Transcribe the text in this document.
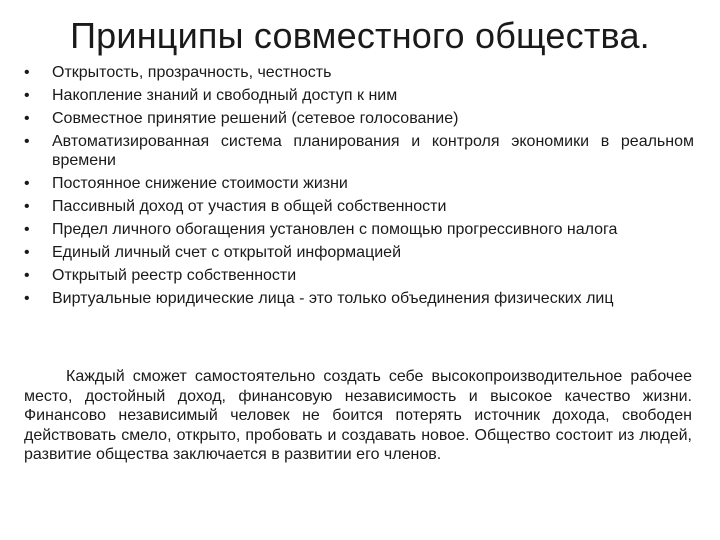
Принципы совместного общества.
•	Открытость, прозрачность, честность
•	Накопление знаний и свободный доступ к ним
•	Совместное принятие решений (сетевое голосование)
•	Автоматизированная система планирования и контроля экономики в реальном времени
•	Постоянное снижение стоимости жизни
•	Пассивный доход от участия в общей собственности
•	Предел личного обогащения установлен с помощью прогрессивного налога
•	Единый личный счет с открытой информацией
•	Открытый реестр собственности
•	Виртуальные юридические лица - это только объединения физических лиц

Каждый сможет самостоятельно создать себе высокопроизводительное рабочее место, достойный доход, финансовую независимость и высокое качество жизни. Финансово независимый человек не боится потерять источник дохода, свободен действовать смело, открыто, пробовать и создавать новое. Общество состоит из людей, развитие общества заключается в развитии его членов.
